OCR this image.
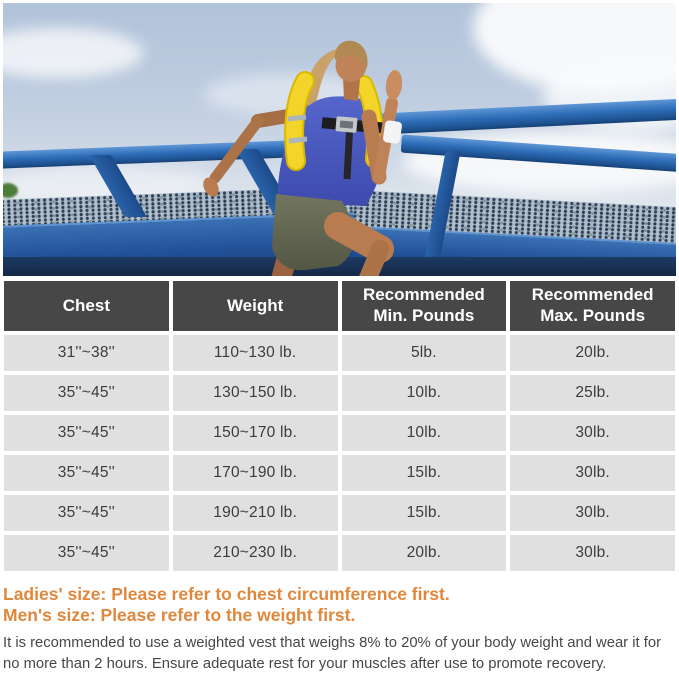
Chest	Weight	Recommended Min. Pounds	Recommended Max. Pounds
31''~38''	110~130 lb.	5lb.	20lb.
35''~45''	130~150 lb.	10lb.	25lb.
35''~45''	150~170 lb.	10lb.	30lb.
35''~45''	170~190 lb.	15lb.	30lb.
35''~45''	190~210 lb.	15lb.	30lb.
35''~45''	210~230 lb.	20lb.	30lb.
Ladies' size: Please refer to chest circumference first.
Men's size: Please refer to the weight first.

It is recommended to use a weighted vest that weighs 8% to 20% of your body weight and wear it for no more than 2 hours. Ensure adequate rest for your muscles after use to promote recovery.
